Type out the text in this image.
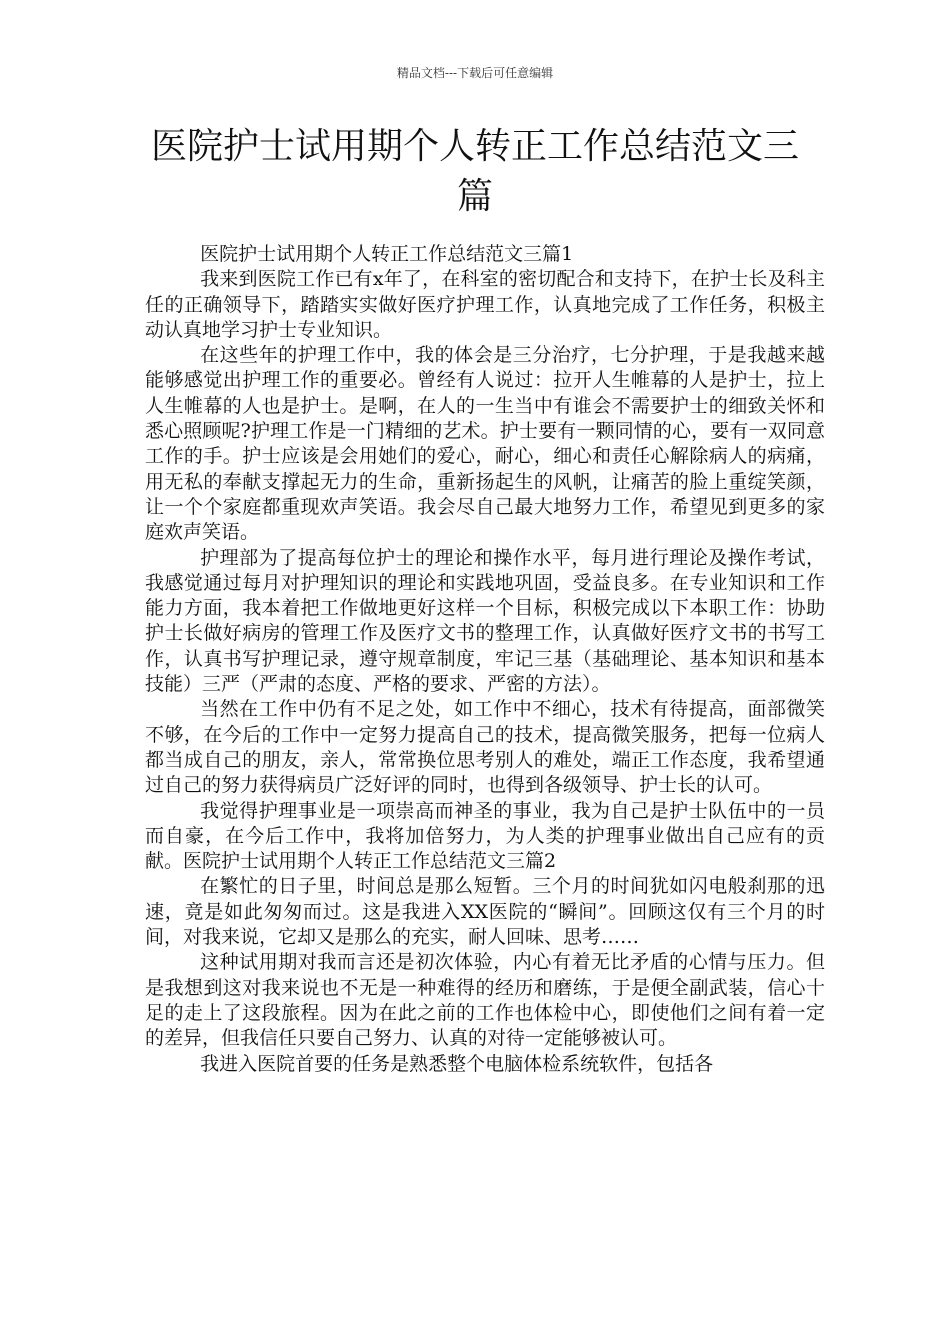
精品文档---下载后可任意编辑
医院护士试用期个人转正工作总结范文三篇

医院护士试用期个人转正工作总结范文三篇1

我来到医院工作已有x年了，在科室的密切配合和支持下，在护士长及科主任的正确领导下，踏踏实实做好医疗护理工作，认真地完成了工作任务，积极主动认真地学习护士专业知识。

在这些年的护理工作中，我的体会是三分治疗，七分护理，于是我越来越能够感觉出护理工作的重要必。曾经有人说过：拉开人生帷幕的人是护士，拉上人生帷幕的人也是护士。是啊，在人的一生当中有谁会不需要护士的细致关怀和悉心照顾呢?护理工作是一门精细的艺术。护士要有一颗同情的心，要有一双同意工作的手。护士应该是会用她们的爱心，耐心，细心和责任心解除病人的病痛，用无私的奉献支撑起无力的生命，重新扬起生的风帆，让痛苦的脸上重绽笑颜，让一个个家庭都重现欢声笑语。我会尽自己最大地努力工作，希望见到更多的家庭欢声笑语。

护理部为了提高每位护士的理论和操作水平，每月进行理论及操作考试，我感觉通过每月对护理知识的理论和实践地巩固，受益良多。在专业知识和工作能力方面，我本着把工作做地更好这样一个目标，积极完成以下本职工作：协助护士长做好病房的管理工作及医疗文书的整理工作，认真做好医疗文书的书写工作，认真书写护理记录，遵守规章制度，牢记三基（基础理论、基本知识和基本技能）三严（严肃的态度、严格的要求、严密的方法）。

当然在工作中仍有不足之处，如工作中不细心，技术有待提高，面部微笑不够，在今后的工作中一定努力提高自己的技术，提高微笑服务，把每一位病人都当成自己的朋友，亲人，常常换位思考别人的难处，端正工作态度，我希望通过自己的努力获得病员广泛好评的同时，也得到各级领导、护士长的认可。

我觉得护理事业是一项崇高而神圣的事业，我为自己是护士队伍中的一员而自豪，在今后工作中，我将加倍努力，为人类的护理事业做出自己应有的贡献。医院护士试用期个人转正工作总结范文三篇2

在繁忙的日子里，时间总是那么短暂。三个月的时间犹如闪电般刹那的迅速，竟是如此匆匆而过。这是我进入XX医院的“瞬间”。回顾这仅有三个月的时间，对我来说，它却又是那么的充实，耐人回味、思考……

这种试用期对我而言还是初次体验，内心有着无比矛盾的心情与压力。但是我想到这对我来说也不无是一种难得的经历和磨练，于是便全副武装，信心十足的走上了这段旅程。因为在此之前的工作也体检中心，即使他们之间有着一定的差异，但我信任只要自己努力、认真的对待一定能够被认可。

我进入医院首要的任务是熟悉整个电脑体检系统软件，包括各
